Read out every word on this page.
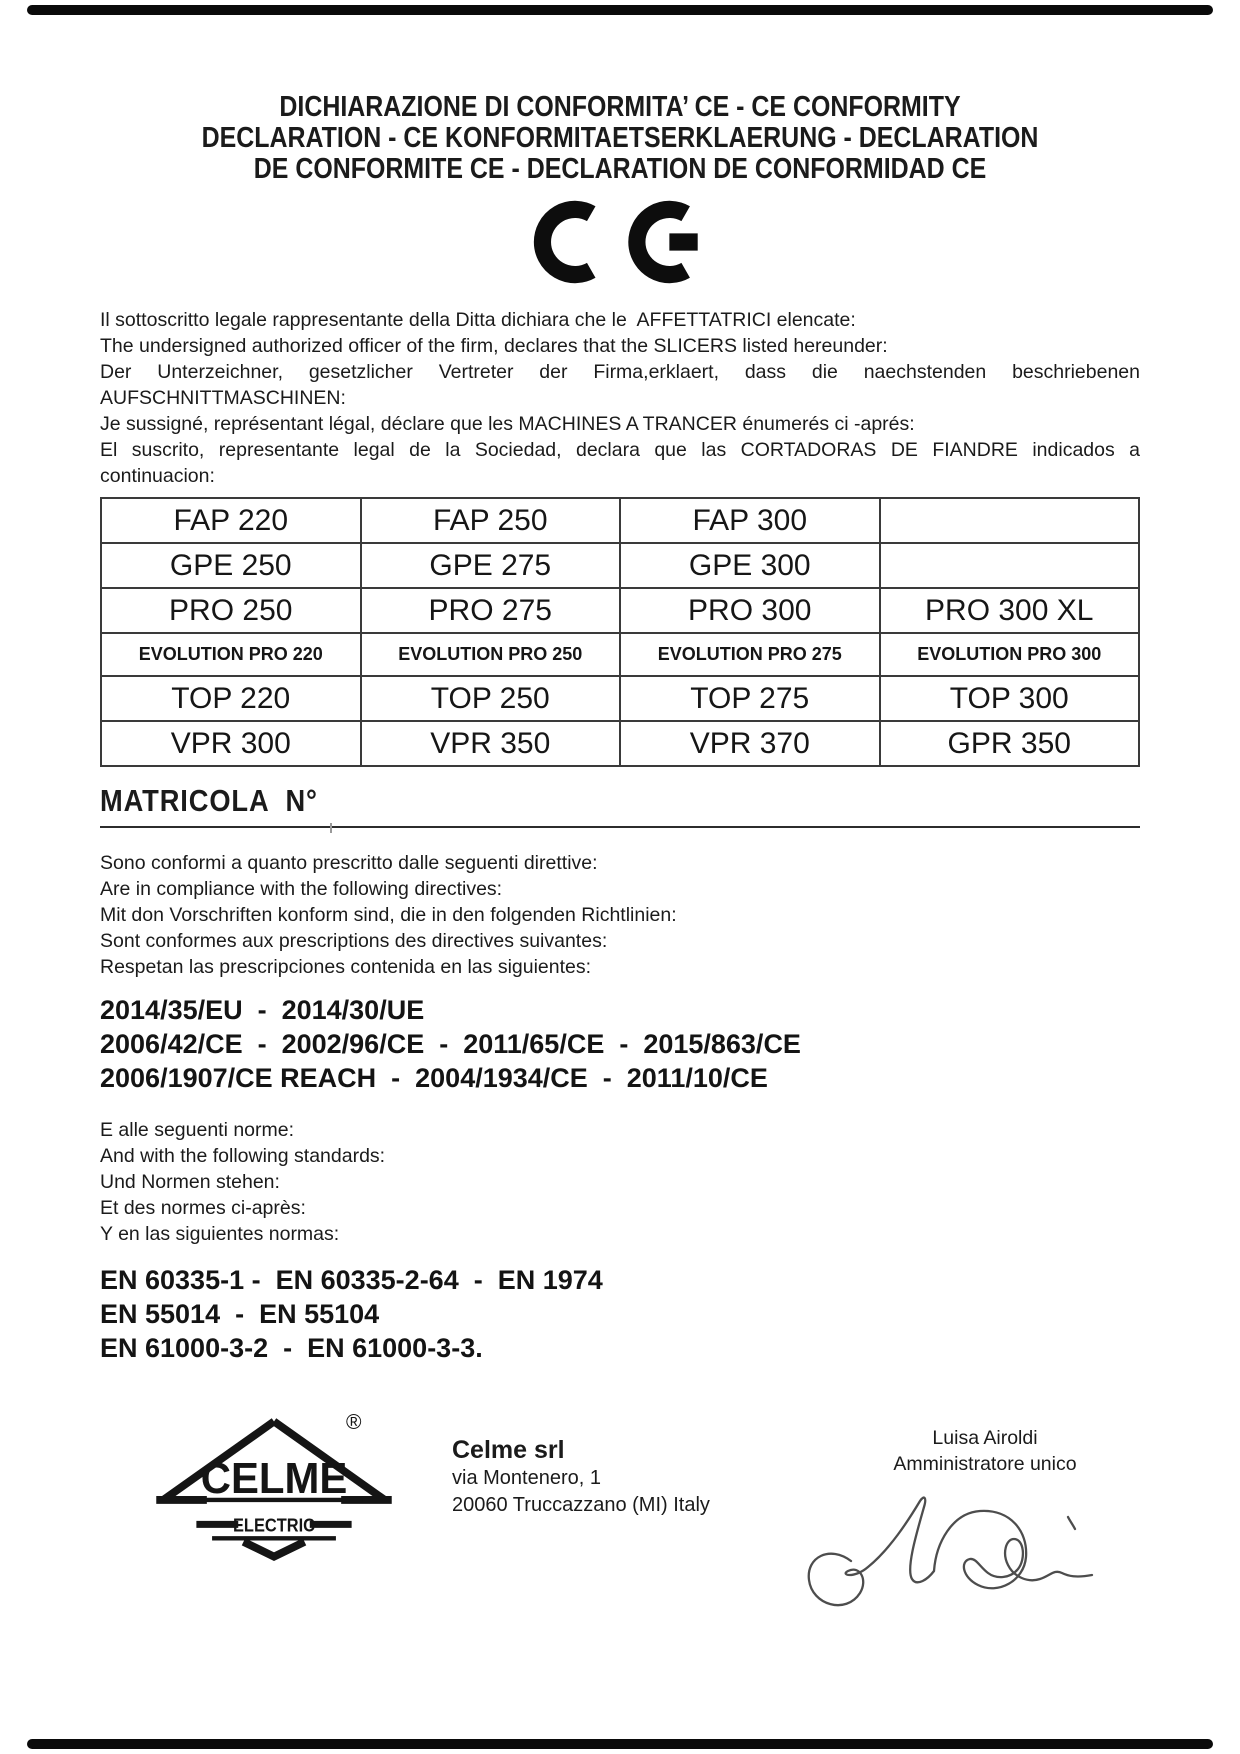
DICHIARAZIONE DI CONFORMITA’ CE - CE CONFORMITY
DECLARATION - CE KONFORMITAETSERKLAERUNG - DECLARATION
DE CONFORMITE CE - DECLARATION DE CONFORMIDAD CE
Il sottoscritto legale rappresentante della Ditta dichiara che le  AFFETTATRICI elencate:
The undersigned authorized officer of the firm, declares that the SLICERS listed hereunder:
Der Unterzeichner, gesetzlicher Vertreter der Firma,erklaert, dass die naechstenden beschriebenen
AUFSCHNITTMASCHINEN:
Je sussigné, représentant légal, déclare que les MACHINES A TRANCER énumerés ci -aprés:
El suscrito, representante legal de la Sociedad, declara que las CORTADORAS DE FIANDRE indicados a
continuacion:
FAP 220	FAP 250	FAP 300	
GPE 250	GPE 275	GPE 300	
PRO 250	PRO 275	PRO 300	PRO 300 XL
EVOLUTION PRO 220	EVOLUTION PRO 250	EVOLUTION PRO 275	EVOLUTION PRO 300
TOP 220	TOP 250	TOP 275	TOP 300
VPR 300	VPR 350	VPR 370	GPR 350
MATRICOLA  N°
Sono conformi a quanto prescritto dalle seguenti direttive:
Are in compliance with the following directives:
Mit don Vorschriften konform sind, die in den folgenden Richtlinien:
Sont conformes aux prescriptions des directives suivantes:
Respetan las prescripciones contenida en las siguientes:
2014/35/EU  -  2014/30/UE
2006/42/CE  -  2002/96/CE  -  2011/65/CE  -  2015/863/CE
2006/1907/CE REACH  -  2004/1934/CE  -  2011/10/CE
E alle seguenti norme:
And with the following standards:
Und Normen stehen:
Et des normes ci-après:
Y en las siguientes normas:
EN 60335-1 -  EN 60335-2-64  -  EN 1974
EN 55014  -  EN 55104
EN 61000-3-2  -  EN 61000-3-3.
CELME
ELECTRIC
®
Celme srl
via Montenero, 1
20060 Truccazzano (MI) Italy
Luisa Airoldi
Amministratore unico
